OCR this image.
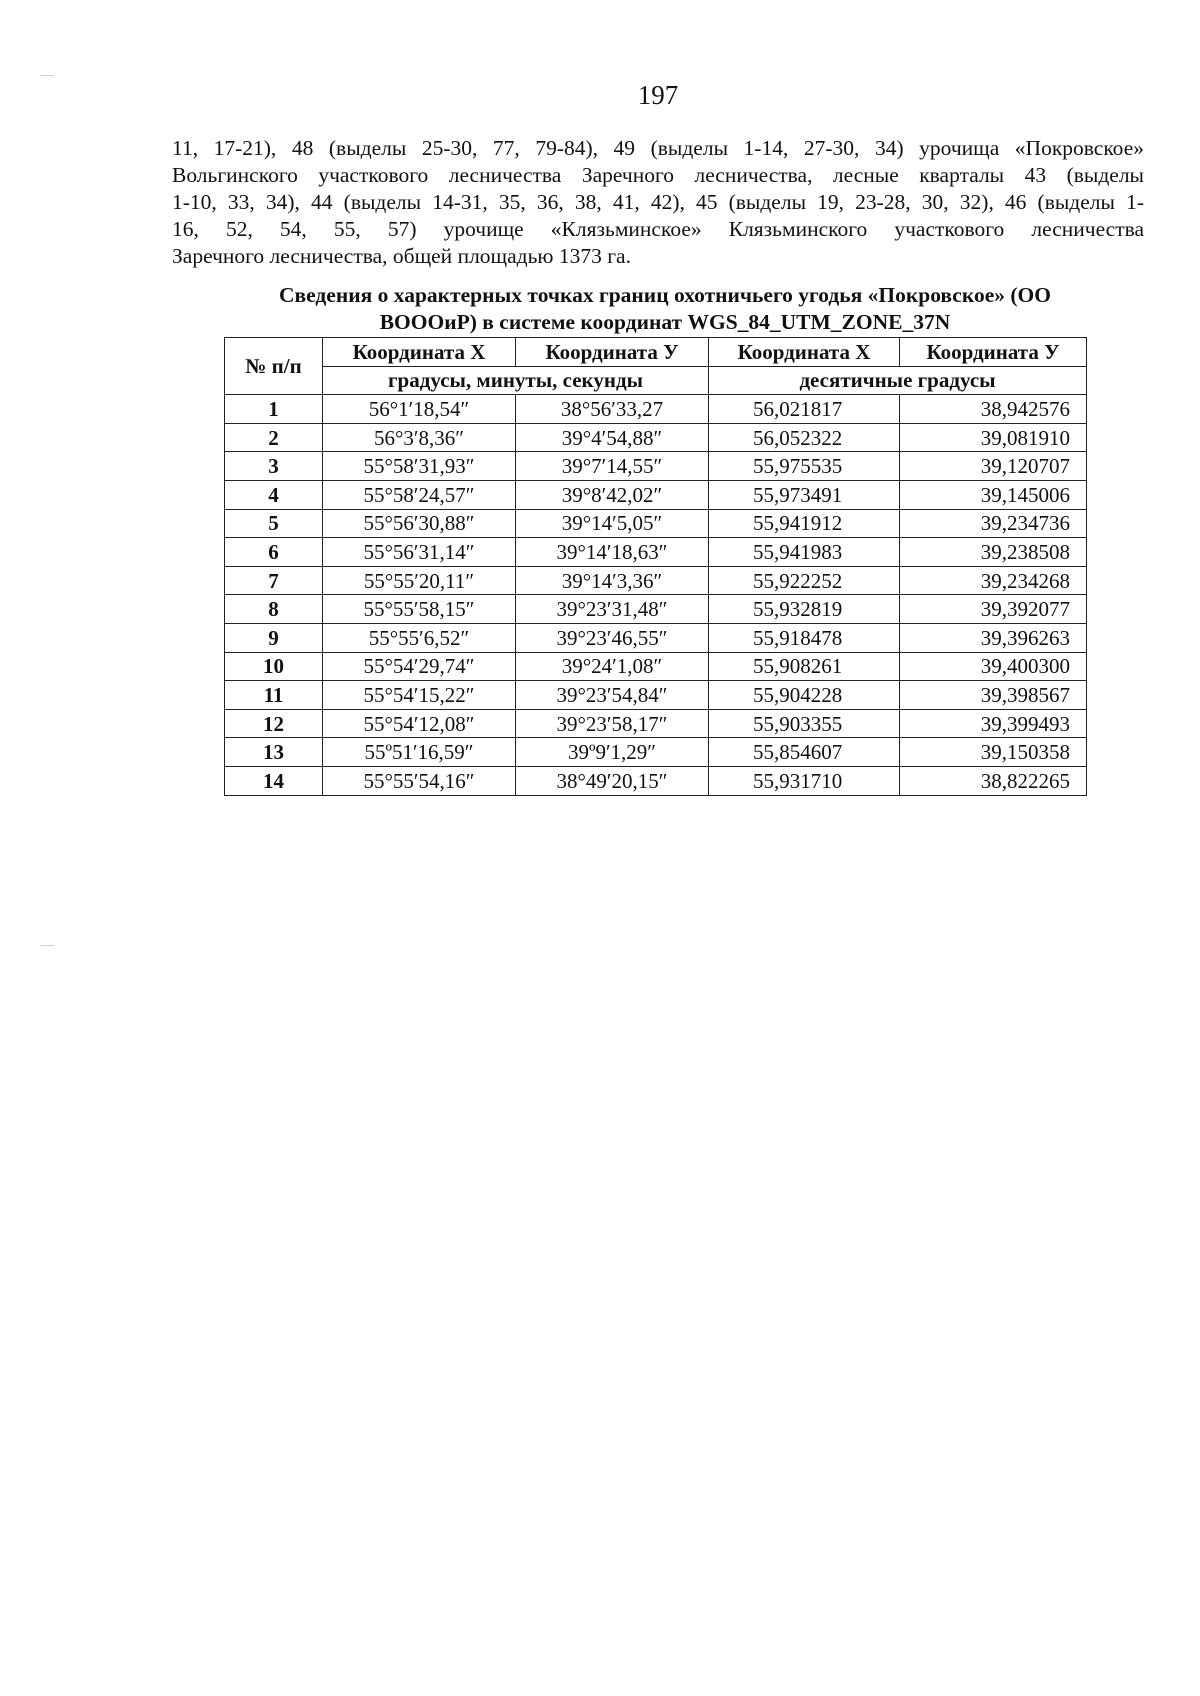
197
11, 17-21), 48 (выделы 25-30, 77, 79-84), 49 (выделы 1-14, 27-30, 34) урочища «Покровское»
Вольгинского участкового лесничества Заречного лесничества, лесные кварталы 43 (выделы
1-10, 33, 34), 44 (выделы 14-31, 35, 36, 38, 41, 42), 45 (выделы 19, 23-28, 30, 32), 46 (выделы 1-
16, 52, 54, 55, 57) урочище «Клязьминское» Клязьминского участкового лесничества
Заречного лесничества, общей площадью 1373 га.
Сведения о характерных точках границ охотничьего угодья «Покровское» (ОО
ВОООиР) в системе координат WGS_84_UTM_ZONE_37N
№ п/п	Координата X	Координата У	Координата X	Координата У
	градусы, минуты, секунды		десятичные градусы	
1	56°1′18,54″	38°56′33,27	56,021817	38,942576
2	56°3′8,36″	39°4′54,88″	56,052322	39,081910
3	55°58′31,93″	39°7′14,55″	55,975535	39,120707
4	55°58′24,57″	39°8′42,02″	55,973491	39,145006
5	55°56′30,88″	39°14′5,05″	55,941912	39,234736
6	55°56′31,14″	39°14′18,63″	55,941983	39,238508
7	55°55′20,11″	39°14′3,36″	55,922252	39,234268
8	55°55′58,15″	39°23′31,48″	55,932819	39,392077
9	55°55′6,52″	39°23′46,55″	55,918478	39,396263
10	55°54′29,74″	39°24′1,08″	55,908261	39,400300
11	55°54′15,22″	39°23′54,84″	55,904228	39,398567
12	55°54′12,08″	39°23′58,17″	55,903355	39,399493
13	55º51′16,59″	39º9′1,29″	55,854607	39,150358
14	55°55′54,16″	38°49′20,15″	55,931710	38,822265
